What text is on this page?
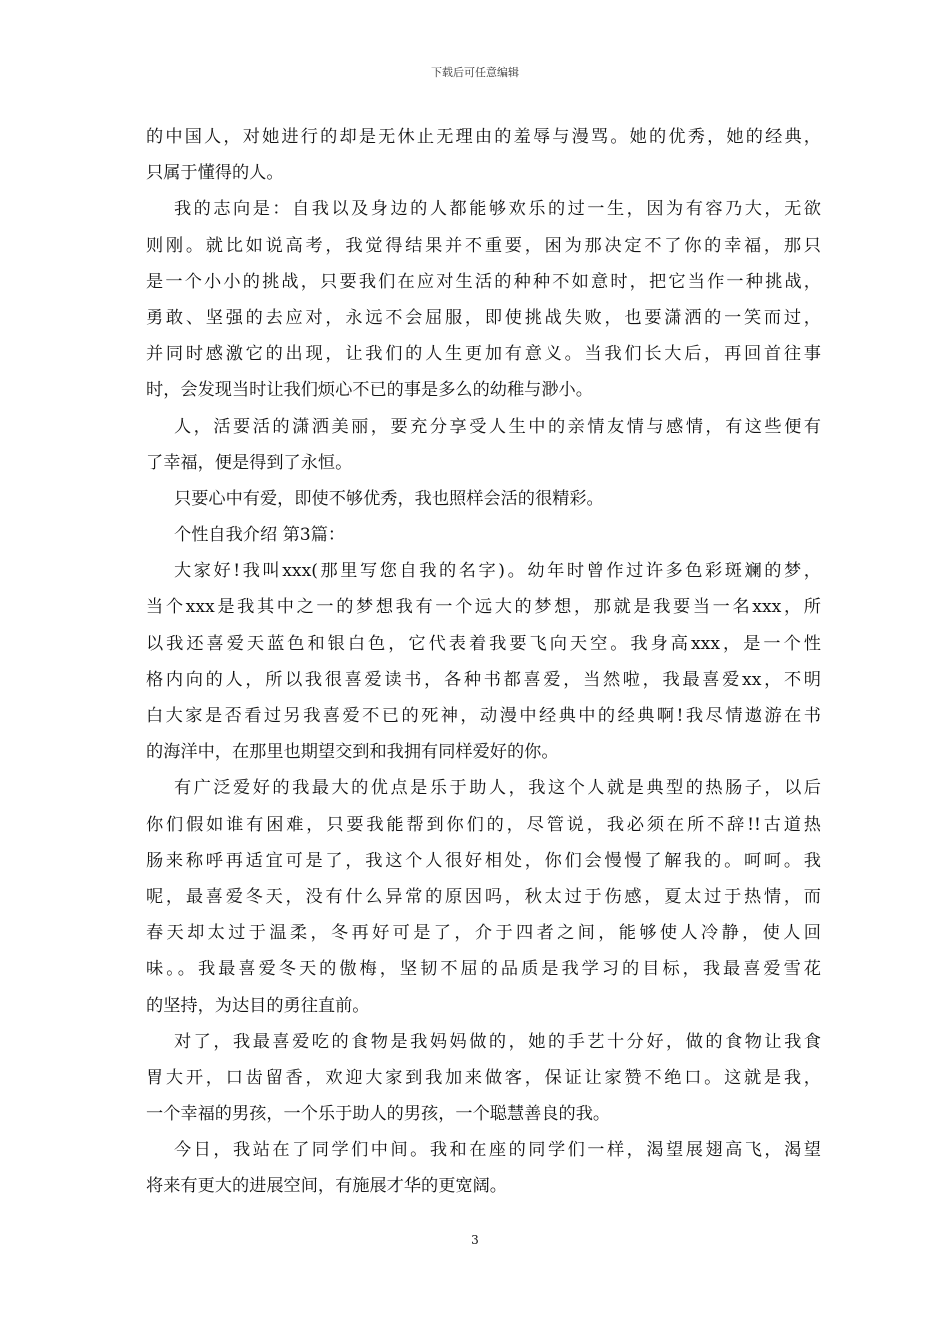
下载后可任意编辑
的中国人，对她进行的却是无休止无理由的羞辱与漫骂。她的优秀，她的经典，
只属于懂得的人。
我的志向是：自我以及身边的人都能够欢乐的过一生，因为有容乃大，无欲
则刚。就比如说高考，我觉得结果并不重要，困为那决定不了你的幸福，那只
是一个小小的挑战，只要我们在应对生活的种种不如意时，把它当作一种挑战，
勇敢、坚强的去应对，永远不会屈服，即使挑战失败，也要潇洒的一笑而过，
并同时感激它的出现，让我们的人生更加有意义。当我们长大后，再回首往事
时，会发现当时让我们烦心不已的事是多么的幼稚与渺小。
人，活要活的潇洒美丽，要充分享受人生中的亲情友情与感情，有这些便有
了幸福，便是得到了永恒。
只要心中有爱，即使不够优秀，我也照样会活的很精彩。
个性自我介绍 第3篇：
大家好!我叫xxx(那里写您自我的名字)。幼年时曾作过许多色彩斑斓的梦，
当个xxx是我其中之一的梦想我有一个远大的梦想，那就是我要当一名xxx，所
以我还喜爱天蓝色和银白色，它代表着我要飞向天空。我身高xxx，是一个性
格内向的人，所以我很喜爱读书，各种书都喜爱，当然啦，我最喜爱xx，不明
白大家是否看过另我喜爱不已的死神，动漫中经典中的经典啊!我尽情遨游在书
的海洋中，在那里也期望交到和我拥有同样爱好的你。
有广泛爱好的我最大的优点是乐于助人，我这个人就是典型的热肠子，以后
你们假如谁有困难，只要我能帮到你们的，尽管说，我必须在所不辞!!古道热
肠来称呼再适宜可是了，我这个人很好相处，你们会慢慢了解我的。呵呵。我
呢，最喜爱冬天，没有什么异常的原因吗，秋太过于伤感，夏太过于热情，而
春天却太过于温柔，冬再好可是了，介于四者之间，能够使人冷静，使人回
味。。我最喜爱冬天的傲梅，坚韧不屈的品质是我学习的目标，我最喜爱雪花
的坚持，为达目的勇往直前。
对了，我最喜爱吃的食物是我妈妈做的，她的手艺十分好，做的食物让我食
胃大开，口齿留香，欢迎大家到我加来做客，保证让家赞不绝口。这就是我，
一个幸福的男孩，一个乐于助人的男孩，一个聪慧善良的我。
今日，我站在了同学们中间。我和在座的同学们一样，渴望展翅高飞，渴望
将来有更大的进展空间，有施展才华的更宽阔。
3
